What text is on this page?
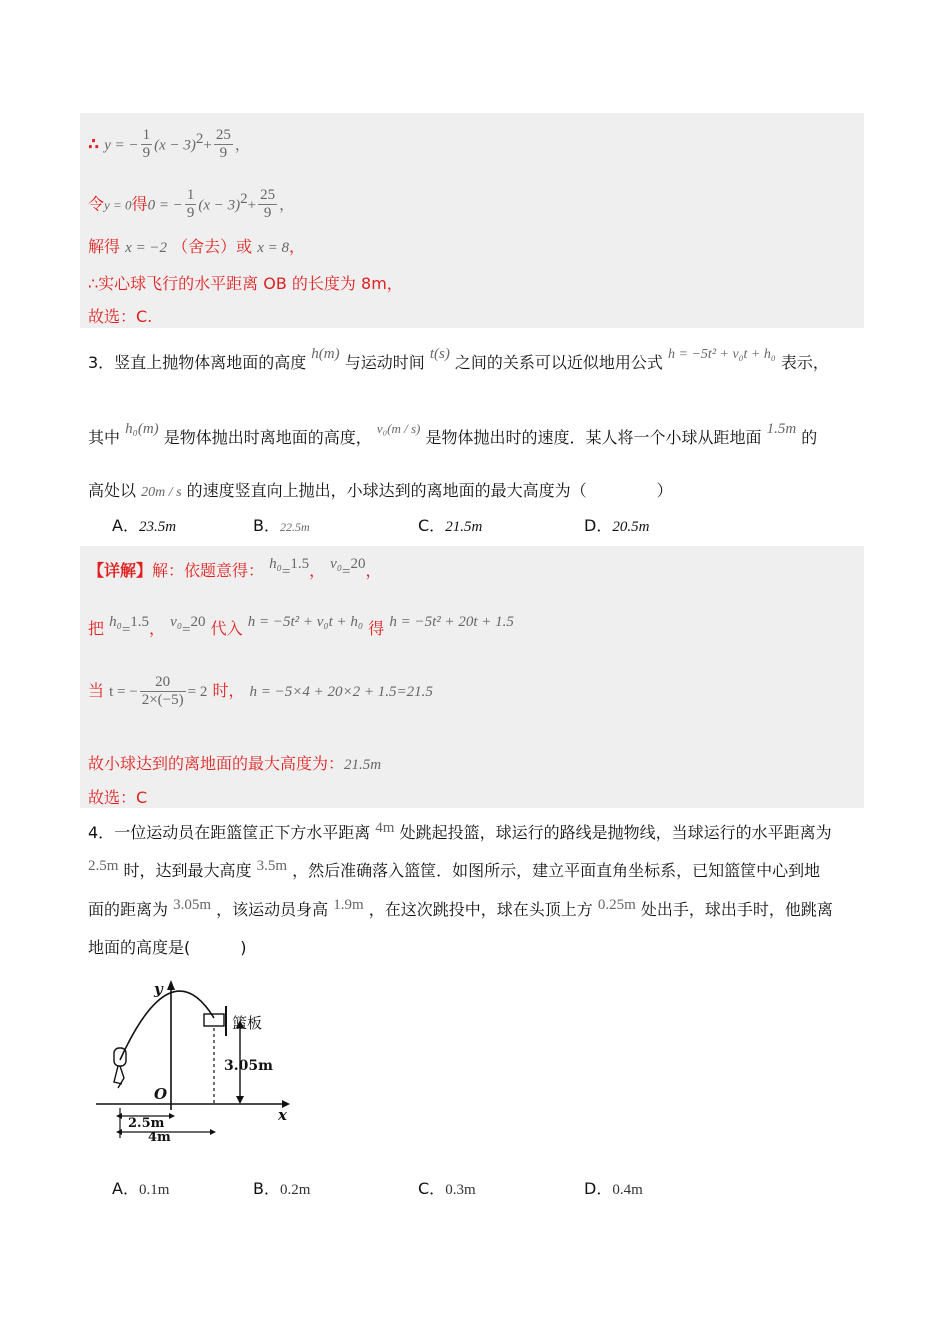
∴ y = − $\frac{1}{9} (x - 3)^2+ \frac{25}{9}$ ，
令y = 0得0 = − $\frac{1}{9} (x - 3)^2+ \frac{25}{9}$ ，
解得 x = −2 （舍去）或 x = 8，
∴实心球飞行的水平距离 OB 的长度为 8m，
故选：C.
3．竖直上抛物体离地面的高度 h(m) 与运动时间 t(s) 之间的关系可以近似地用公式 h = −5t² + v₀t + h₀ 表示，
其中 h₀(m) 是物体抛出时离地面的高度， $^{v_0(m / s)}$ 是物体抛出时的速度．某人将一个小球从距地面 1.5m 的
高处以 20m / s 的速度竖直向上抛出，小球达到的离地面的最大高度为（	）
A．23.5m	B．22.5m	C．21.5m	D．20.5m
【详解】解：依题意得： h₀=1.5， v₀=20，
把 h₀=1.5， v₀=20 代入 h = −5t² + v₀t + h₀ 得 h = −5t² + 20t + 1.5
当 t = − $\frac{20}{2\times(-5)} = 2$ 时， h = −5×4 + 20×2 + 1.5=21.5
故小球达到的离地面的最大高度为：21.5m
故选：C
4．一位运动员在距篮筐正下方水平距离 4m 处跳起投篮，球运行的路线是抛物线，当球运行的水平距离为
2.5m 时，达到最大高度 3.5m ，然后准确落入篮筐．如图所示，建立平面直角坐标系，已知篮筐中心到地
面的距离为 3.05m ，该运动员身高 1.9m ，在这次跳投中，球在头顶上方 0.25m 处出手，球出手时，他跳离
地面的高度是(	)
y
x
O
篮板
3.05m
2.5m
4m
A．0.1m	B．0.2m	C．0.3m	D．0.4m
